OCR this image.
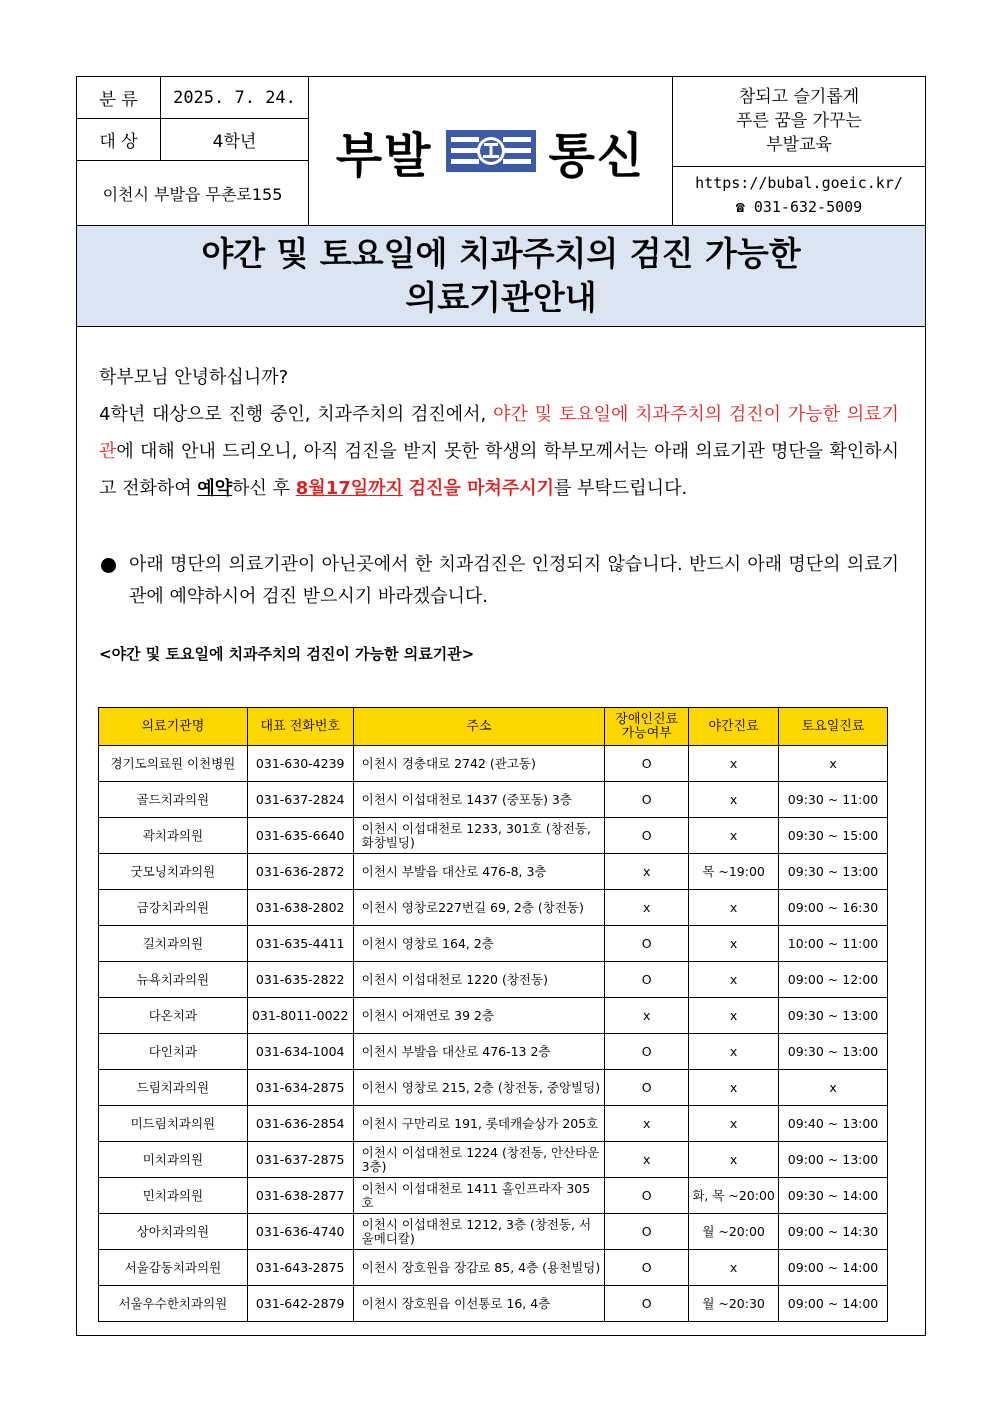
분 류	2025. 7. 24.
대 상	4학년
이천시 부발읍 무촌로155
부발 통신
참되고 슬기롭게
푸른 꿈을 가꾸는
부발교육
https://bubal.goeic.kr/
☎ 031-632-5009
야간 및 토요일에 치과주치의 검진 가능한
의료기관안내

학부모님 안녕하십니까?

4학년 대상으로 진행 중인, 치과주치의 검진에서, 야간 및 토요일에 치과주치의 검진이 가능한 의료기관에 대해 안내 드리오니, 아직 검진을 받지 못한 학생의 학부모께서는 아래 의료기관 명단을 확인하시고 전화하여 예약하신 후 8월17일까지 검진을 마쳐주시기를 부탁드립니다.

아래 명단의 의료기관이 아닌곳에서 한 치과검진은 인정되지 않습니다. 반드시 아래 명단의 의료기관에 예약하시어 검진 받으시기 바라겠습니다.
<야간 및 토요일에 치과주치의 검진이 가능한 의료기관>
의료기관명	대표 전화번호	주소	장애인진료 가능여부	야간진료	토요일진료
경기도의료원 이천병원	031-630-4239	이천시 경충대로 2742 (관고동)	O	x	x
골드치과의원	031-637-2824	이천시 이섭대천로 1437 (중포동) 3층	O	x	09:30 ~ 11:00
곽치과의원	031-635-6640	이천시 이섭대천로 1233, 301호 (창전동, 화창빌딩)	O	x	09:30 ~ 15:00
굿모닝치과의원	031-636-2872	이천시 부발읍 대산로 476-8, 3층	x	목 ~19:00	09:30 ~ 13:00
금강치과의원	031-638-2802	이천시 영창로227번길 69, 2층 (창전동)	x	x	09:00 ~ 16:30
길치과의원	031-635-4411	이천시 영창로 164, 2층	O	x	10:00 ~ 11:00
뉴욕치과의원	031-635-2822	이천시 이섭대천로 1220 (창전동)	O	x	09:00 ~ 12:00
다온치과	031-8011-0022	이천시 어재연로 39 2층	x	x	09:30 ~ 13:00
다인치과	031-634-1004	이천시 부발읍 대산로 476-13 2층	O	x	09:30 ~ 13:00
드림치과의원	031-634-2875	이천시 영창로 215, 2층 (창전동, 중앙빌딩)	O	x	x
미드림치과의원	031-636-2854	이천시 구만리로 191, 롯데캐슬상가 205호	x	x	09:40 ~ 13:00
미치과의원	031-637-2875	이천시 이섭대천로 1224 (창전동, 안산타운3층)	x	x	09:00 ~ 13:00
민치과의원	031-638-2877	이천시 이섭대천로 1411 홀인프라자 305호	O	화, 목 ~20:00	09:30 ~ 14:00
상아치과의원	031-636-4740	이천시 이섭대천로 1212, 3층 (창전동, 서울메디칼)	O	월 ~20:00	09:00 ~ 14:30
서울감동치과의원	031-643-2875	이천시 장호원읍 장감로 85, 4층 (용천빌딩)	O	x	09:00 ~ 14:00
서울우수한치과의원	031-642-2879	이천시 장호원읍 이선통로 16, 4층	O	월 ~20:30	09:00 ~ 14:00
